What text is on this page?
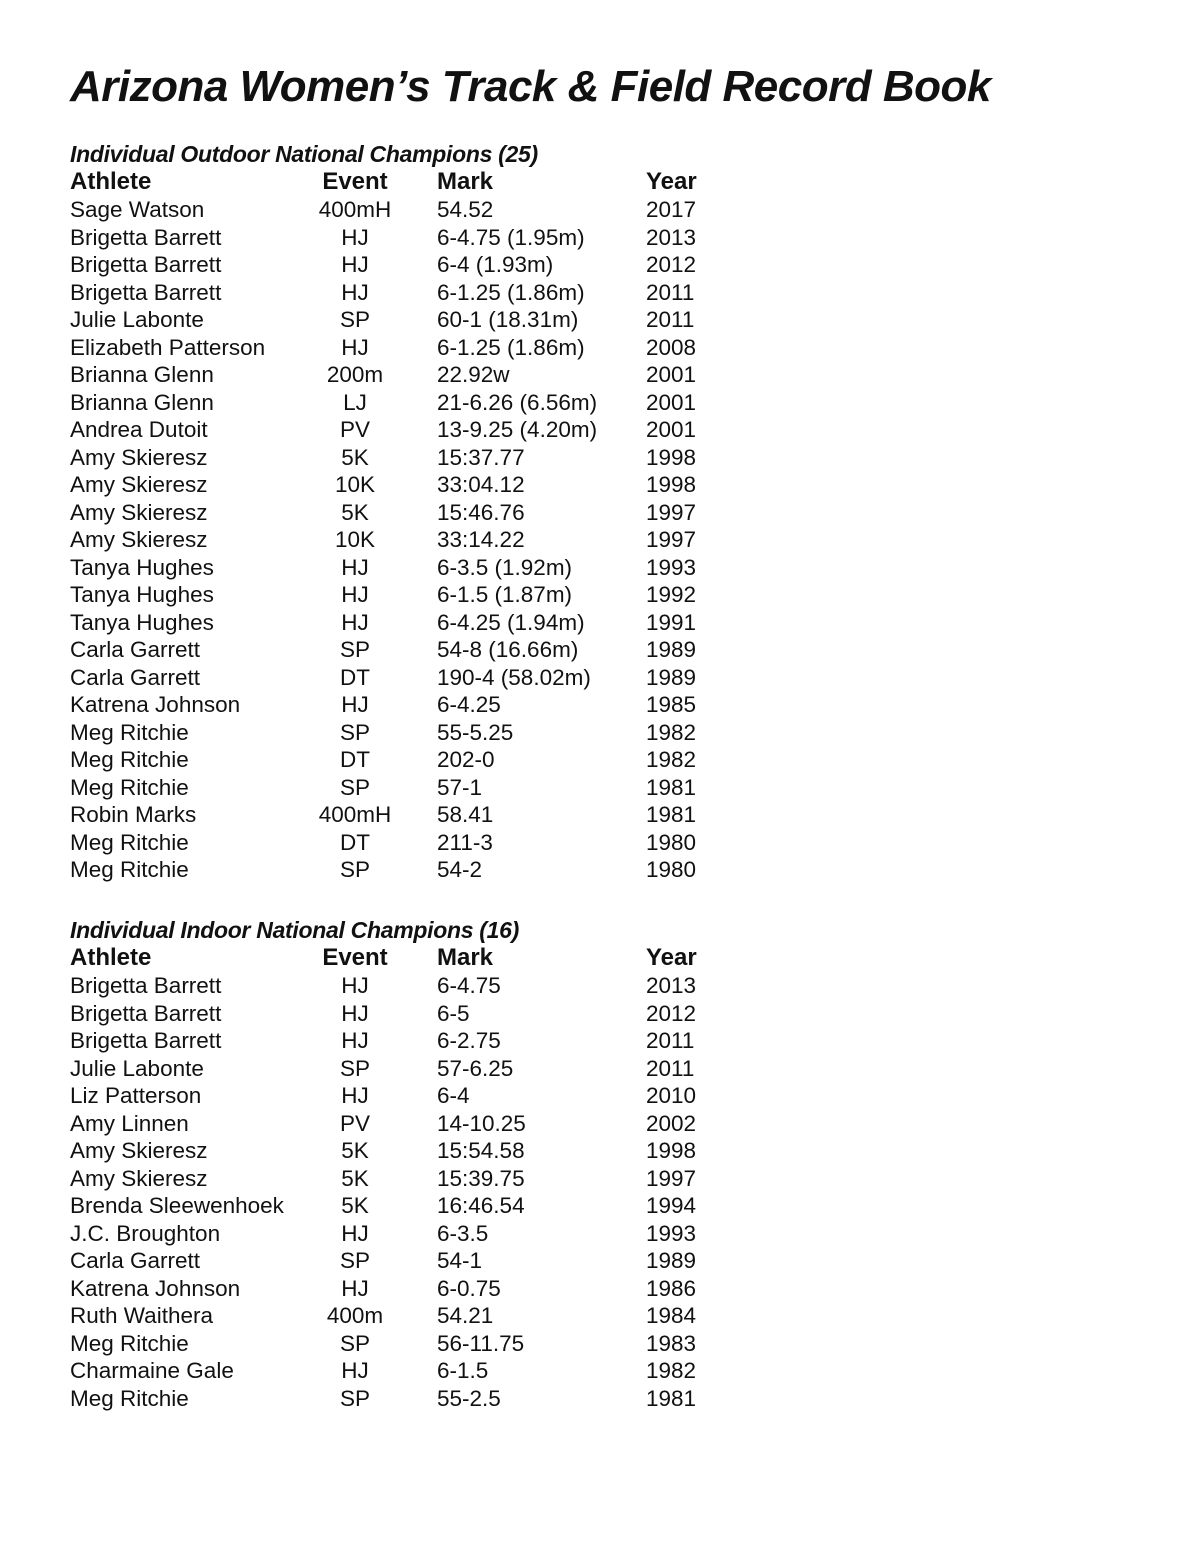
Arizona Women’s Track & Field Record Book
Individual Outdoor National Champions (25)
Athlete	Event	Mark	Year
Sage Watson	400mH	54.52	2017
Brigetta Barrett	HJ	6-4.75 (1.95m)	2013
Brigetta Barrett	HJ	6-4 (1.93m)	2012
Brigetta Barrett	HJ	6-1.25 (1.86m)	2011
Julie Labonte	SP	60-1 (18.31m)	2011
Elizabeth Patterson	HJ	6-1.25 (1.86m)	2008
Brianna Glenn	200m	22.92w	2001
Brianna Glenn	LJ	21-6.26 (6.56m) 2001
Andrea Dutoit	PV	13-9.25 (4.20m) 2001
Amy Skieresz	5K	15:37.77	1998
Amy Skieresz	10K	33:04.12	1998
Amy Skieresz	5K	15:46.76	1997
Amy Skieresz	10K	33:14.22	1997
Tanya Hughes	HJ	6-3.5 (1.92m)	1993
Tanya Hughes	HJ	6-1.5 (1.87m)	1992
Tanya Hughes	HJ	6-4.25 (1.94m)	1991
Carla Garrett	SP	54-8 (16.66m)	1989
Carla Garrett	DT	190-4 (58.02m) 1989
Katrena Johnson	HJ	6-4.25	1985
Meg Ritchie	SP	55-5.25	1982
Meg Ritchie	DT	202-0	1982
Meg Ritchie	SP	57-1	1981
Robin Marks	400mH	58.41	1981
Meg Ritchie	DT	211-3	1980
Meg Ritchie	SP	54-2	1980
Individual Indoor National Champions (16)
Athlete	Event	Mark	Year
Brigetta Barrett	HJ	6-4.75	2013
Brigetta Barrett	HJ	6-5	2012
Brigetta Barrett	HJ	6-2.75	2011
Julie Labonte	SP	57-6.25	2011
Liz Patterson	HJ	6-4	2010
Amy Linnen	PV	14-10.25	2002
Amy Skieresz	5K	15:54.58	1998
Amy Skieresz	5K	15:39.75	1997
Brenda Sleewenhoek	5K	16:46.54	1994
J.C. Broughton	HJ	6-3.5	1993
Carla Garrett	SP	54-1	1989
Katrena Johnson	HJ	6-0.75	1986
Ruth Waithera	400m	54.21	1984
Meg Ritchie	SP	56-11.75	1983
Charmaine Gale	HJ	6-1.5	1982
Meg Ritchie	SP	55-2.5	1981
